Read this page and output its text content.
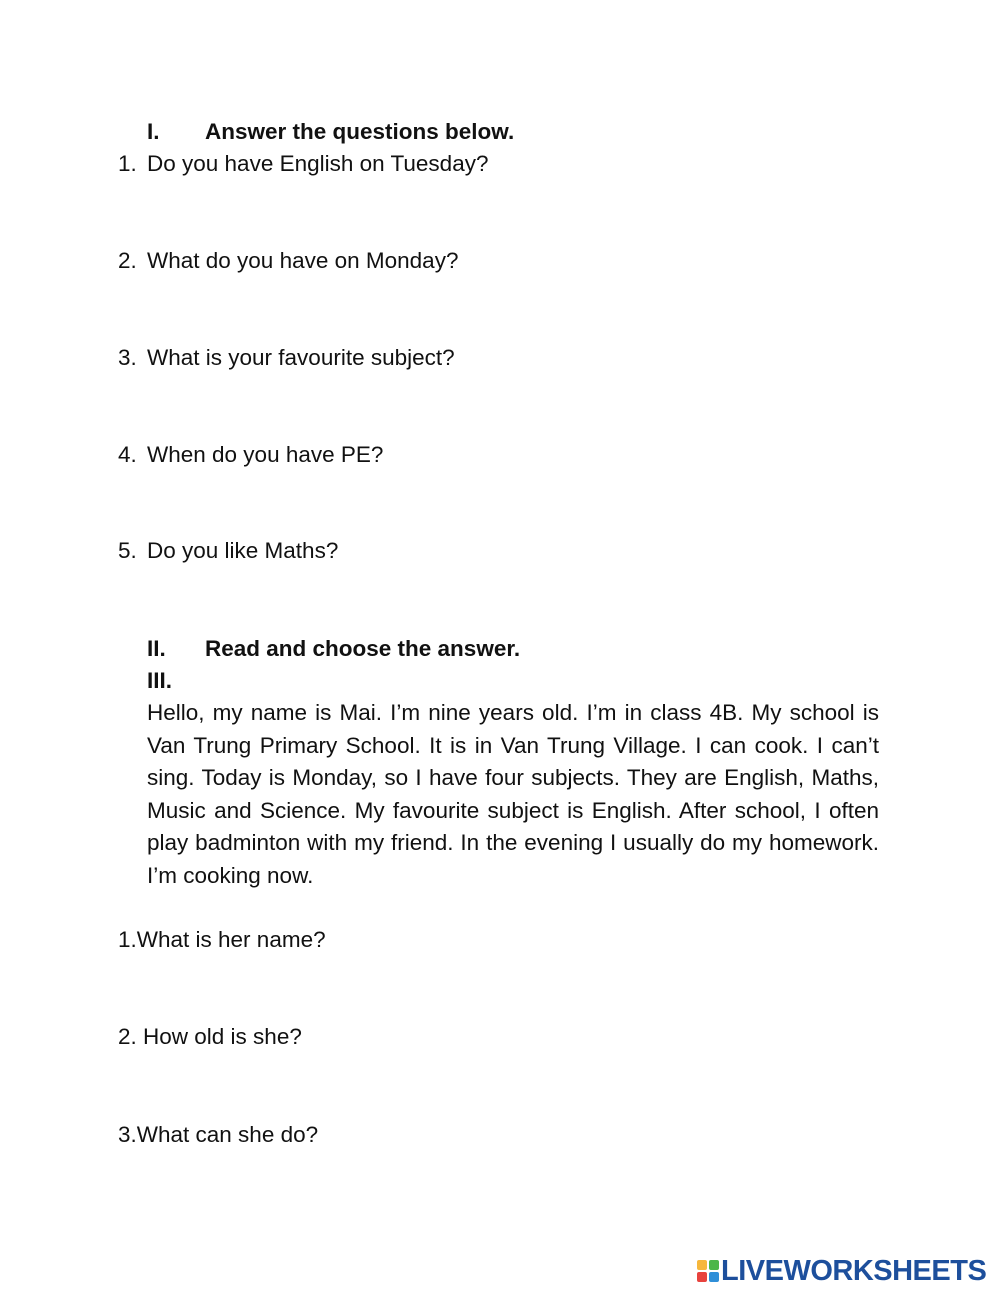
I. Answer the questions below.
1. Do you have English on Tuesday?
2. What do you have on Monday?
3. What is your favourite subject?
4. When do you have PE?
5. Do you like Maths?
II. Read and choose the answer.
III.
Hello, my name is Mai. I’m nine years old. I’m in class 4B. My school is Van Trung Primary School. It is in Van Trung Village. I can cook. I can’t sing. Today is Monday, so I have four subjects. They are English, Maths, Music and Science. My favourite subject is English. After school, I often play badminton with my friend. In the evening I usually do my homework. I’m cooking now.
1.What is her name?
2. How old is she?
3.What can she do?
LIVEWORKSHEETS
